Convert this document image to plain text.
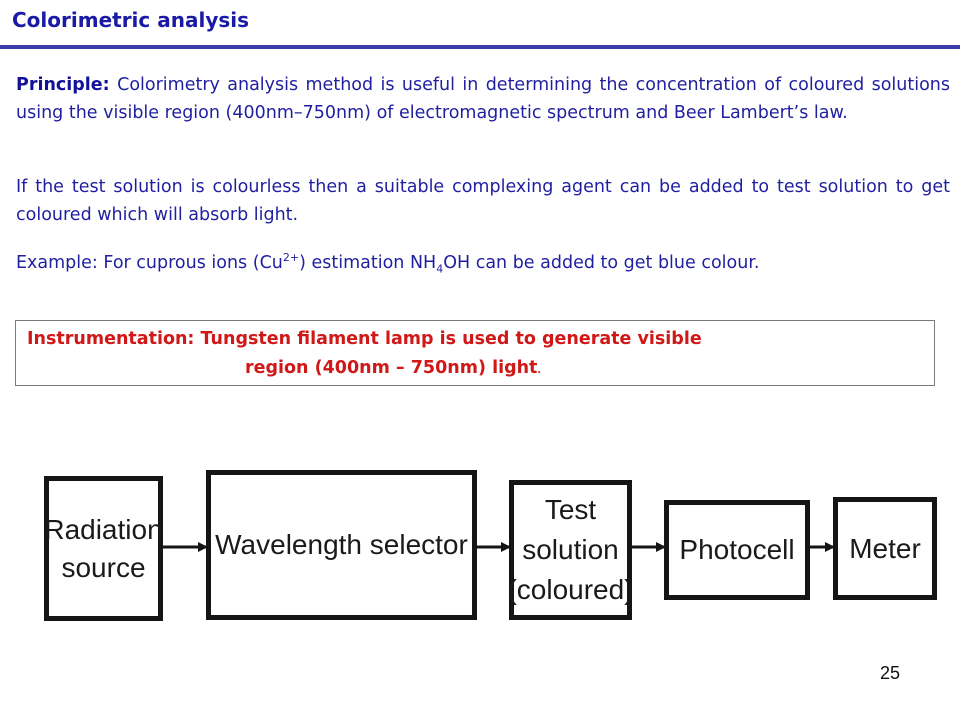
Colorimetric analysis
Principle: Colorimetry analysis method is useful in determining the concentration of coloured solutions using the visible region (400nm–750nm) of electromagnetic spectrum and Beer Lambert’s law.
If the test solution is colourless then a suitable complexing agent can be added to test solution to get coloured which will absorb light.
Example: For cuprous ions $(Cu^{2+})$ estimation $NH_4OH$ can be added to get blue colour.
Instrumentation: Tungsten filament lamp is used to generate visible
region (400nm – 750nm) light.
Radiation
source
Wavelength selector
Test
solution
(coloured)
Photocell Meter
25
